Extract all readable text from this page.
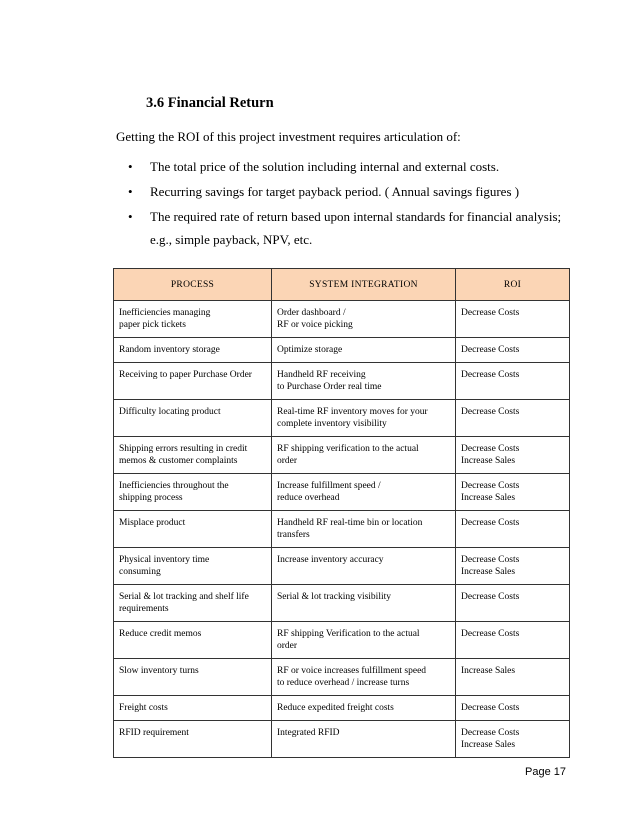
3.6 Financial Return

Getting the ROI of this project investment requires articulation of:

• The total price of the solution including internal and external costs.
• Recurring savings for target payback period. ( Annual savings figures )
• The required rate of return based upon internal standards for financial analysis; e.g., simple payback, NPV, etc.
PROCESS	SYSTEM INTEGRATION	ROI

Inefficiencies managing
paper pick tickets	Order dashboard /
RF or voice picking	Decrease Costs

Random inventory storage	Optimize storage	Decrease Costs

Receiving to paper Purchase Order	Handheld RF receiving
to Purchase Order real time	Decrease Costs

Difficulty locating product	Real-time RF inventory moves for your
complete inventory visibility	Decrease Costs

Shipping errors resulting in credit
memos & customer complaints	RF shipping verification to the actual
order	Decrease Costs
Increase Sales

Inefficiencies throughout the
shipping process	Increase fulfillment speed /
reduce overhead	Decrease Costs
Increase Sales

Misplace product	Handheld RF real-time bin or location
transfers	Decrease Costs

Physical inventory time
consuming	Increase inventory accuracy	Decrease Costs
Increase Sales

Serial & lot tracking and shelf life
requirements	Serial & lot tracking visibility	Decrease Costs

Reduce credit memos	RF shipping Verification to the actual
order	Decrease Costs

Slow inventory turns	RF or voice increases fulfillment speed
to reduce overhead / increase turns	Increase Sales

Freight costs	Reduce expedited freight costs	Decrease Costs

RFID requirement	Integrated RFID	Decrease Costs
Increase Sales
Page 17
